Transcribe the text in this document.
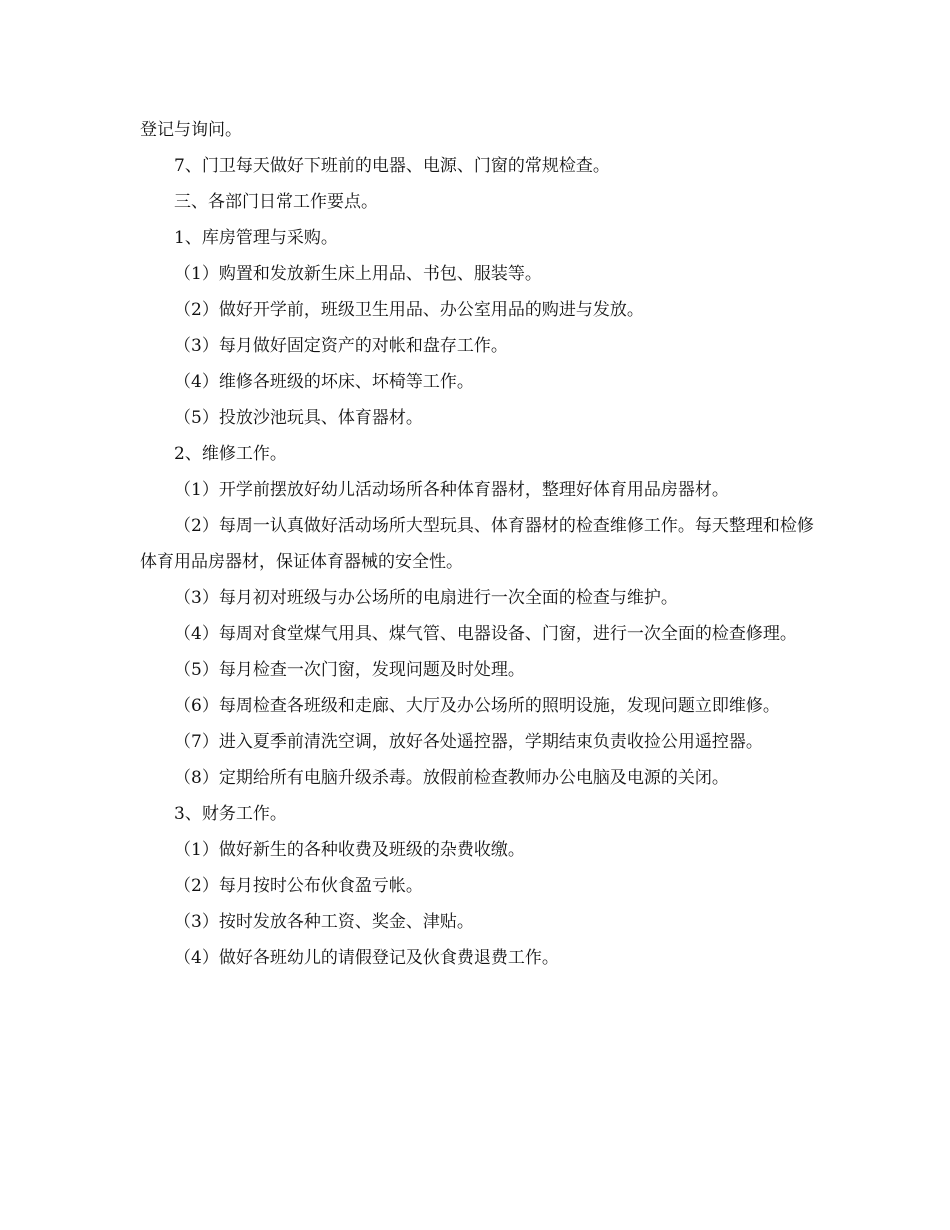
登记与询问。

7、门卫每天做好下班前的电器、电源、门窗的常规检查。

三、各部门日常工作要点。

1、库房管理与采购。

（1）购置和发放新生床上用品、书包、服装等。

（2）做好开学前，班级卫生用品、办公室用品的购进与发放。

（3）每月做好固定资产的对帐和盘存工作。

（4）维修各班级的坏床、坏椅等工作。

（5）投放沙池玩具、体育器材。

2、维修工作。

（1）开学前摆放好幼儿活动场所各种体育器材，整理好体育用品房器材。

（2）每周一认真做好活动场所大型玩具、体育器材的检查维修工作。每天整理和检修体育用品房器材，保证体育器械的安全性。

（3）每月初对班级与办公场所的电扇进行一次全面的检查与维护。

（4）每周对食堂煤气用具、煤气管、电器设备、门窗，进行一次全面的检查修理。

（5）每月检查一次门窗，发现问题及时处理。

（6）每周检查各班级和走廊、大厅及办公场所的照明设施，发现问题立即维修。

（7）进入夏季前清洗空调，放好各处遥控器，学期结束负责收捡公用遥控器。

（8）定期给所有电脑升级杀毒。放假前检查教师办公电脑及电源的关闭。

3、财务工作。

（1）做好新生的各种收费及班级的杂费收缴。

（2）每月按时公布伙食盈亏帐。

（3）按时发放各种工资、奖金、津贴。

（4）做好各班幼儿的请假登记及伙食费退费工作。
